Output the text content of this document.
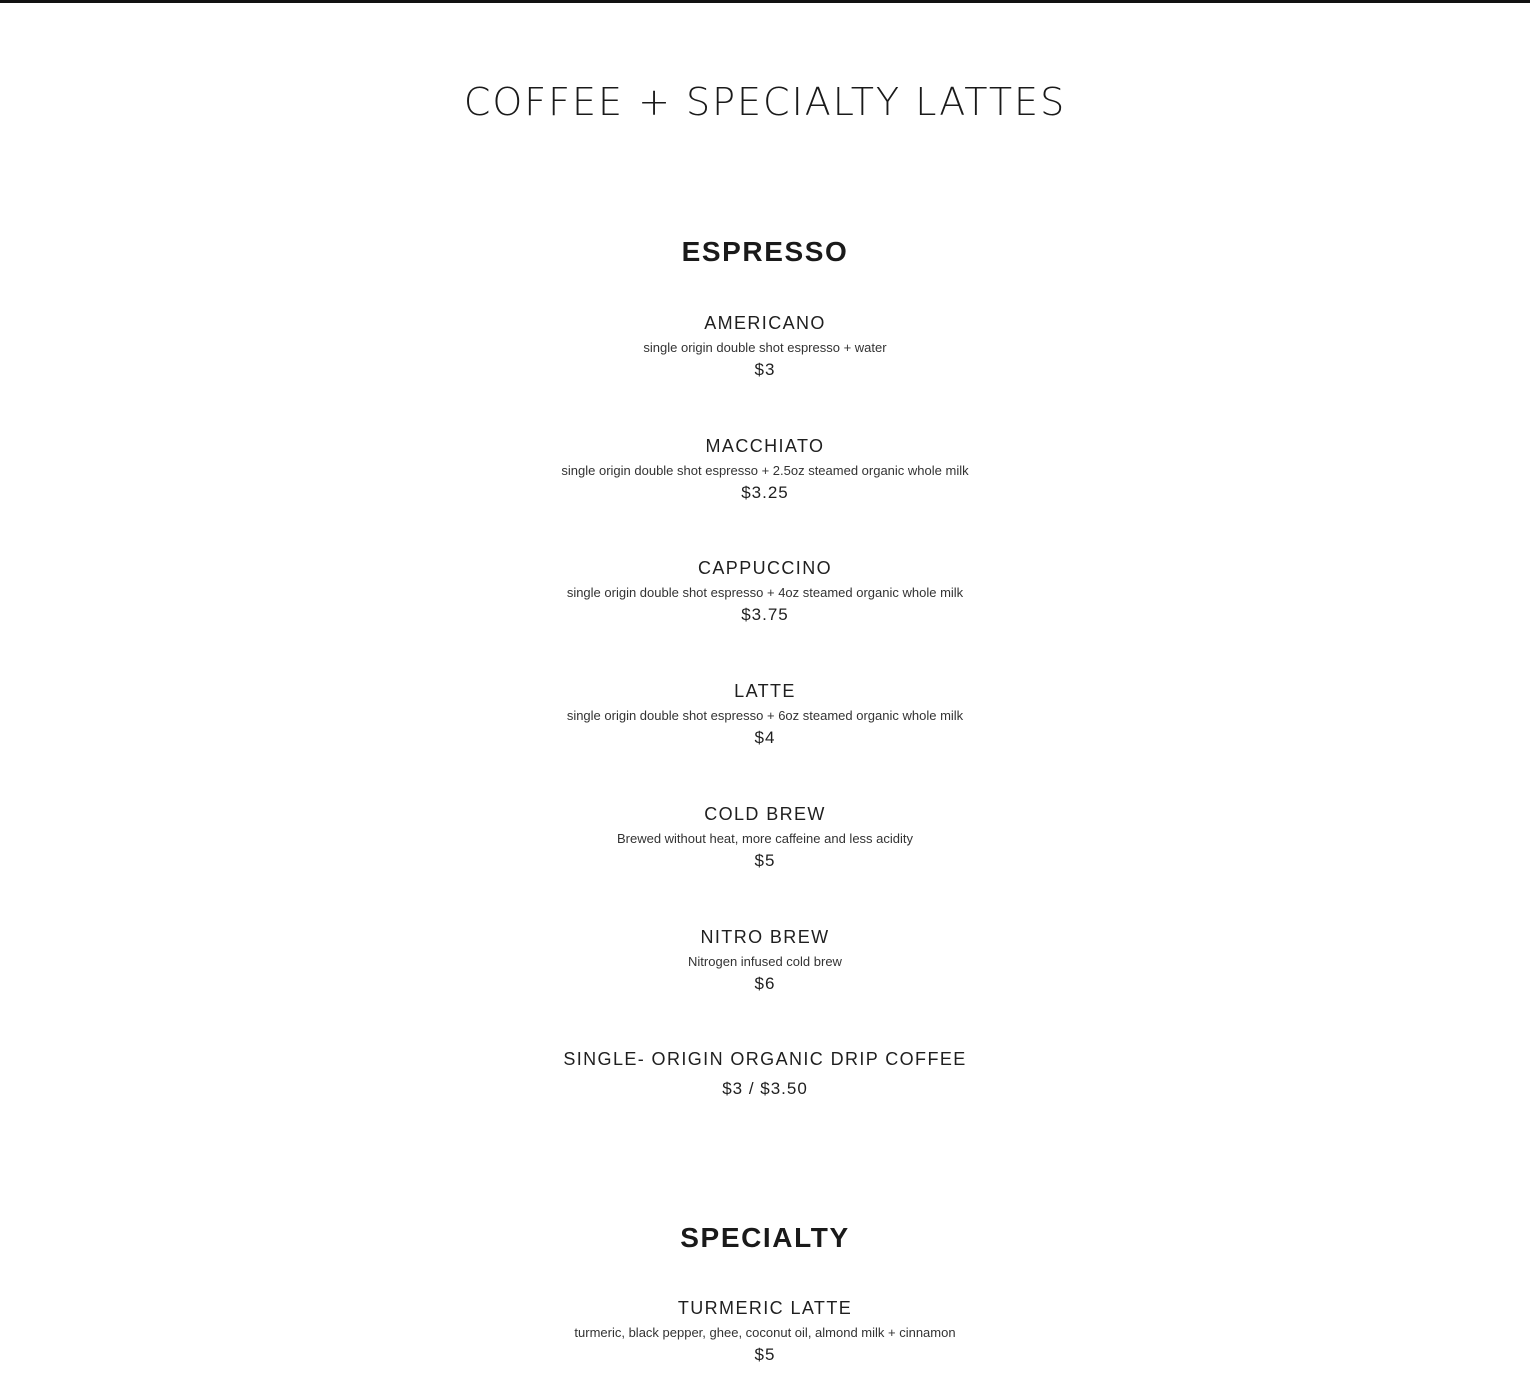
COFFEE + SPECIALTY LATTES
ESPRESSO

AMERICANO

single origin double shot espresso + water

$3

MACCHIATO

single origin double shot espresso + 2.5oz steamed organic whole milk

$3.25

CAPPUCCINO

single origin double shot espresso + 4oz steamed organic whole milk

$3.75

LATTE

single origin double shot espresso + 6oz steamed organic whole milk

$4

COLD BREW

Brewed without heat, more caffeine and less acidity

$5

NITRO BREW

Nitrogen infused cold brew

$6

SINGLE- ORIGIN ORGANIC DRIP COFFEE

$3 / $3.50

SPECIALTY

TURMERIC LATTE

turmeric, black pepper, ghee, coconut oil, almond milk + cinnamon

$5
